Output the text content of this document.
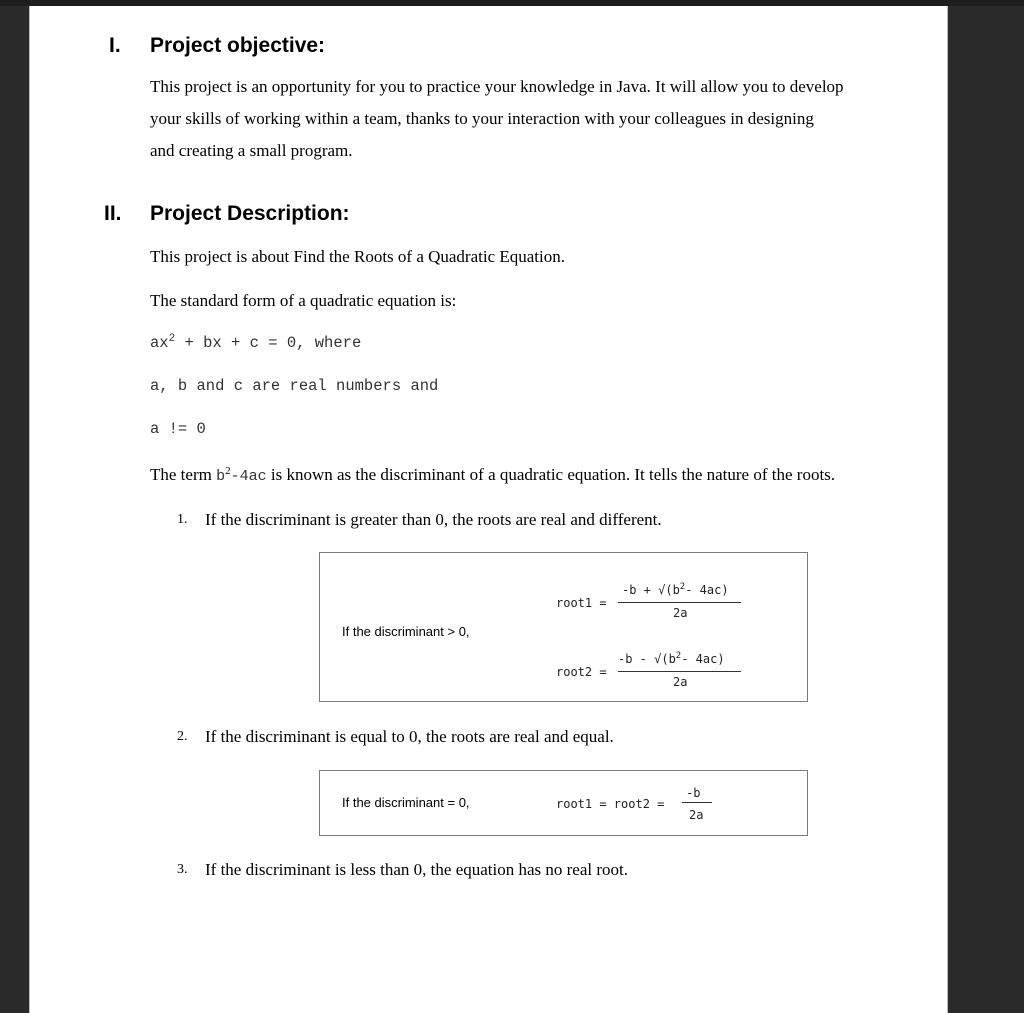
I. Project objective:
This project is an opportunity for you to practice your knowledge in Java. It will allow you to develop
your skills of working within a team, thanks to your interaction with your colleagues in designing
and creating a small program.
II. Project Description:
This project is about Find the Roots of a Quadratic Equation.
The standard form of a quadratic equation is:
$ax^2$ + bx + c = 0, where
a, b and c are real numbers and
a != 0
The term $b^2-4ac$ is known as the discriminant of a quadratic equation. It tells the nature of the roots.
1. If the discriminant is greater than 0, the roots are real and different.
If the discriminant > 0,
root1 =
$-b + √(b^2-$ 4ac)
2a
root2 =
$-b - √(b^2-$ 4ac)
2a
2. If the discriminant is equal to 0, the roots are real and equal.
If the discriminant = 0,	root1 = root2 =
-b
2a
3. If the discriminant is less than 0, the equation has no real root.
